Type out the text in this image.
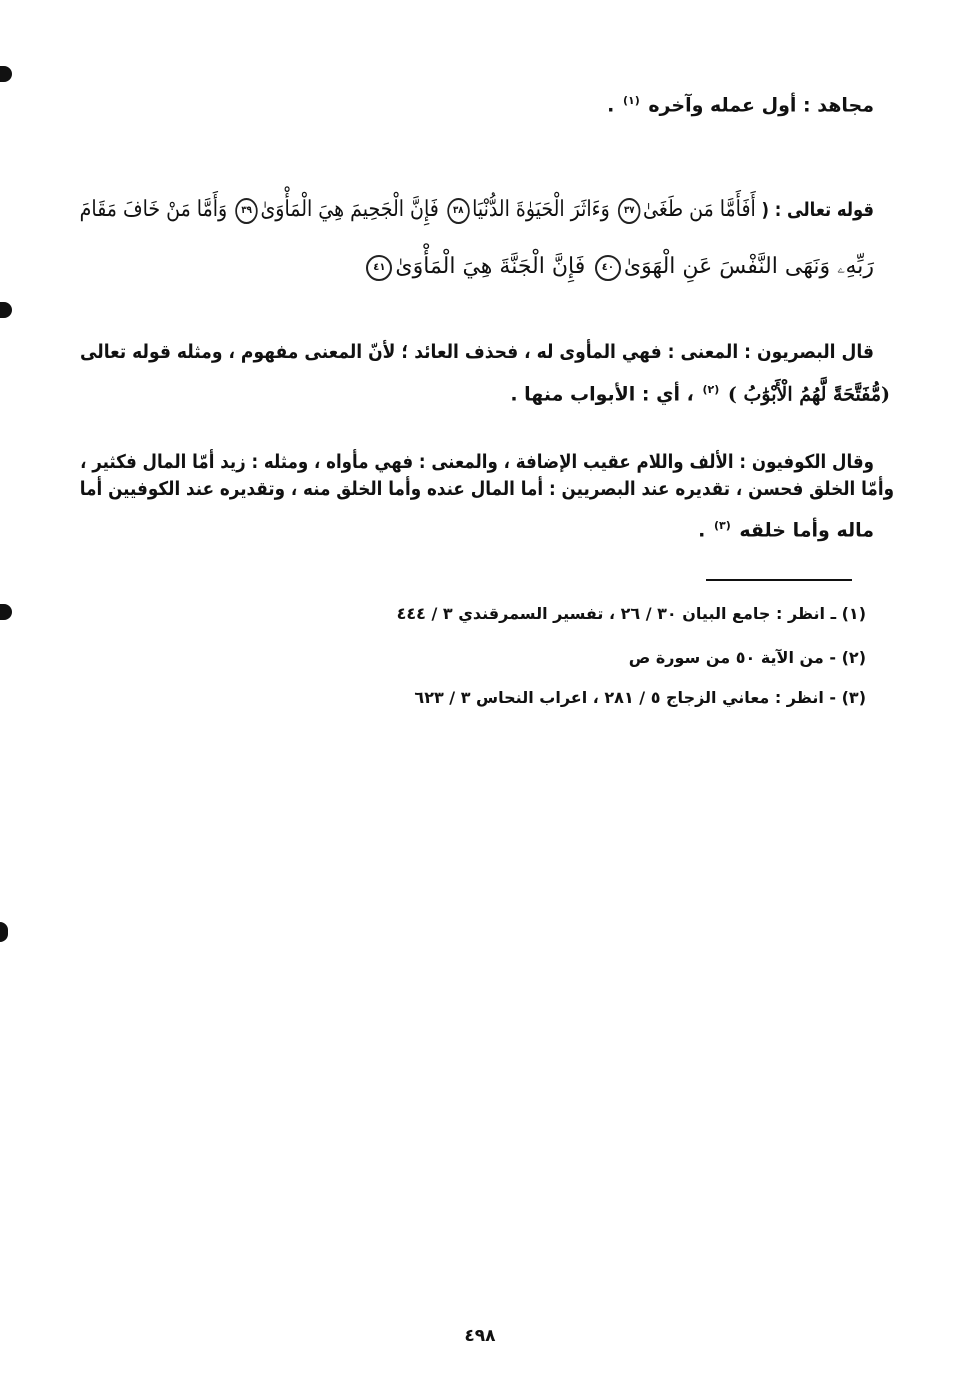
مجاهد : أول عمله وآخره $^{(١)}$ .
قوله تعالى : ( أَفَأَمَّا مَن طَغَىٰ٣٧ وَءَاثَرَ الْحَيَوٰةَ الدُّنْيَا٣٨ فَإِنَّ الْجَحِيمَ هِيَ الْمَأْوَىٰ٣٩ وَأَمَّا مَنْ خَافَ مَقَامَ
رَبِّهِۦ وَنَهَى النَّفْسَ عَنِ الْهَوَىٰ٤٠ فَإِنَّ الْجَنَّةَ هِيَ الْمَأْوَىٰ٤١
قال البصريون : المعنى : فهي المأوى له ، فحذف العائد ؛ لأنّ المعنى مفهوم ، ومثله قوله تعالى
(مُّفَتَّحَةً لَّهُمُ الْأَبْوَٰبُ ) $^{(٢)}$ ، أي : الأبواب منها .
وقال الكوفيون : الألف واللام عقيب الإضافة ، والمعنى : فهي مأواه ، ومثله : زيد أمّا المال فكثير ،
وأمّا الخلق فحسن ، تقديره عند البصريين : أما المال عنده وأما الخلق منه ، وتقديره عند الكوفيين أما
ماله وأما خلقه $^{(٣)}$ .
(١) ـ انظر : جامع البيان ٣٠ / ٢٦ ، تفسير السمرقندي ٣ / ٤٤٤
(٢) - من الآية ٥٠ من سورة ص
(٣) - انظر : معاني الزجاج ٥ / ٢٨١ ، اعراب النحاس ٣ / ٦٢٣
٤٩٨
